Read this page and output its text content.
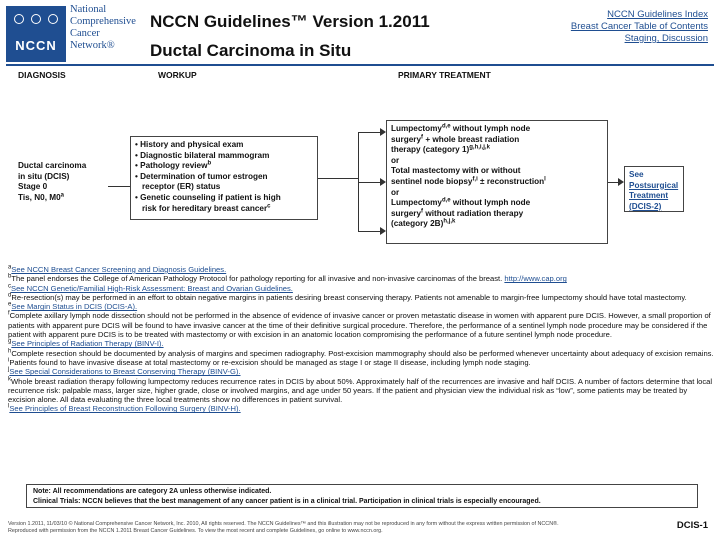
NCCN
National
Comprehensive
Cancer
Network®
NCCN Guidelines™ Version 1.2011
Ductal Carcinoma in Situ
NCCN Guidelines Index
Breast Cancer Table of Contents
Staging, Discussion
DIAGNOSIS	WORKUP	PRIMARY TREATMENT
Ductal carcinoma
in situ (DCIS)
Stage 0
Tis, N0, M0$^a$
• History and physical exam
• Diagnostic bilateral mammogram
• Pathology review$^b$
• Determination of tumor estrogen
receptor (ER) status
• Genetic counseling if patient is high
risk for hereditary breast cancer$^c$
Lumpectomy$^{d,e}$ without lymph node
surgery$^f$ + whole breast radiation
therapy (category 1)$^{g,h,i,j,k}$
or
Total mastectomy with or without
sentinel node biopsy$^{f,i}$ ± reconstruction$^l$
or
Lumpectomy$^{d,e}$ without lymph node
surgery$^f$ without radiation therapy
(category 2B)$^{h,j,k}$
See
Postsurgical
Treatment
(DCIS-2)

$^a$See NCCN Breast Cancer Screening and Diagnosis Guidelines.

$^b$The panel endorses the College of American Pathology Protocol for pathology reporting for all invasive and non-invasive carcinomas of the breast. http://www.cap.org

$^c$See NCCN Genetic/Familial High-Risk Assessment: Breast and Ovarian Guidelines.

$^d$Re-resection(s) may be performed in an effort to obtain negative margins in patients desiring breast conserving therapy. Patients not amenable to margin-free lumpectomy should have total mastectomy.

$^e$See Margin Status in DCIS (DCIS-A).

$^f$Complete axillary lymph node dissection should not be performed in the absence of evidence of invasive cancer or proven metastatic disease in women with apparent pure DCIS. However, a small proportion of patients with apparent pure DCIS will be found to have invasive cancer at the time of their definitive surgical procedure. Therefore, the performance of a sentinel lymph node procedure may be considered if the patient with apparent pure DCIS is to be treated with mastectomy or with excision in an anatomic location compromising the performance of a future sentinel lymph node procedure.

$^g$See Principles of Radiation Therapy (BINV-I).

$^h$Complete resection should be documented by analysis of margins and specimen radiography. Post-excision mammography should also be performed whenever uncertainty about adequacy of excision remains.

$^i$Patients found to have invasive disease at total mastectomy or re-excision should be managed as stage I or stage II disease, including lymph node staging.

$^j$See Special Considerations to Breast Conserving Therapy (BINV-G).

$^k$Whole breast radiation therapy following lumpectomy reduces recurrence rates in DCIS by about 50%. Approximately half of the recurrences are invasive and half DCIS. A number of factors determine that local recurrence risk: palpable mass, larger size, higher grade, close or involved margins, and age under 50 years. If the patient and physician view the individual risk as “low”, some patients may be treated by excision alone. All data evaluating the three local treatments show no differences in patient survival.

$^l$See Principles of Breast Reconstruction Following Surgery (BINV-H).

Note: All recommendations are category 2A unless otherwise indicated.
Clinical Trials: NCCN believes that the best management of any cancer patient is in a clinical trial. Participation in clinical trials is especially encouraged.
Version 1.2011, 11/03/10 © National Comprehensive Cancer Network, Inc. 2010, All rights reserved. The NCCN Guidelines™ and this illustration may not be reproduced in any form without the express written permission of NCCN®.
Reproduced with permission from the NCCN 1.2011 Breast Cancer Guidelines. To view the most recent and complete Guidelines, go online to www.nccn.org.	DCIS-1
